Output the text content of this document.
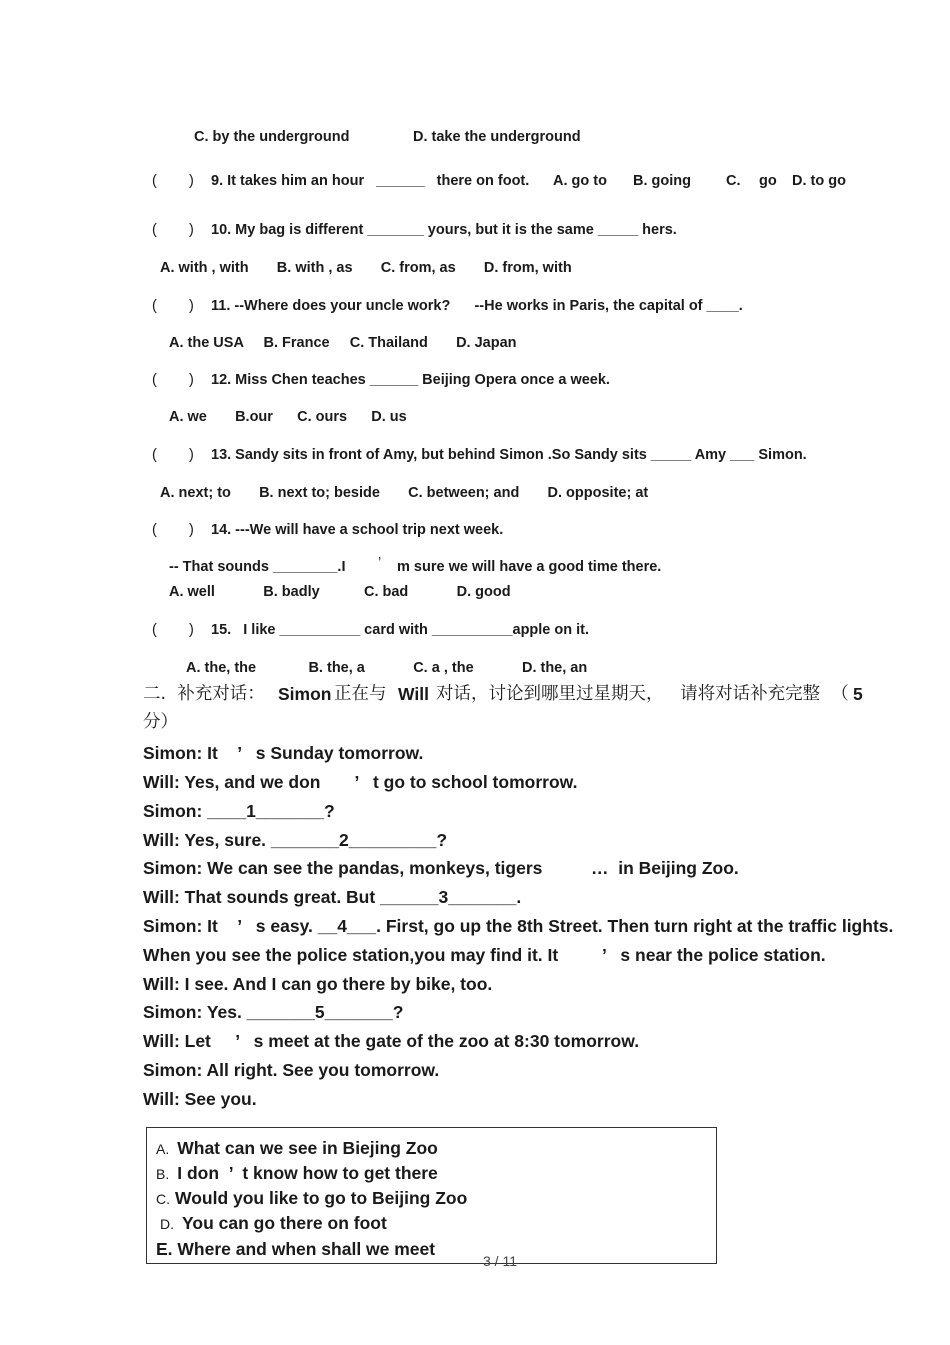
C. by the underground	D. take the underground
(        ) 9. It takes him an hour   ______   there on foot. A. go to B. going C. go D. to go
(        ) 10. My bag is different _______ yours, but it is the same _____ hers.
A. with , with       B. with , as       C. from, as       D. from, with
(        ) 11. --Where does your uncle work?      --He works in Paris, the capital of ____.
A. the USA     B. France     C. Thailand       D. Japan
(        ) 12. Miss Chen teaches ______ Beijing Opera once a week.
A. we       B.our      C. ours      D. us
(        ) 13. Sandy sits in front of Amy, but behind Simon .So Sandy sits _____ Amy ___ Simon.
A. next; to       B. next to; beside       C. between; and       D. opposite; at
(        ) 14. ---We will have a school trip next week.
-- That sounds ________.I ’ m sure we will have a good time there.
A. well            B. badly           C. bad            D. good
(        ) 15.   I like __________ card with __________apple on it.
A. the, the             B. the, a            C. a , the            D. the, an
二.  补充对话： Simon 正在与 Will 对话，讨论到哪里过星期天，   请将对话补充完整  （ 5
分）
Simon: It    ’   s Sunday tomorrow.
Will: Yes, and we don       ’   t go to school tomorrow.
Simon: ____1_______?
Will: Yes, sure. _______2_________?
Simon: We can see the pandas, monkeys, tigers          …  in Beijing Zoo.
Will: That sounds great. But ______3_______.
Simon: It    ’   s easy. __4___. First, go up the 8th Street. Then turn right at the traffic lights.
When you see the police station,you may find it. It         ’   s near the police station.
Will: I see. And I can go there by bike, too.
Simon: Yes. _______5_______?
Will: Let     ’   s meet at the gate of the zoo at 8:30 tomorrow.
Simon: All right. See you tomorrow.
Will: See you.
A. What can we see in Biejing Zoo
B. I don  ’  t know how to get there
C. Would you like to go to Beijing Zoo
D. You can go there on foot
E. Where and when shall we meet
3 / 11
